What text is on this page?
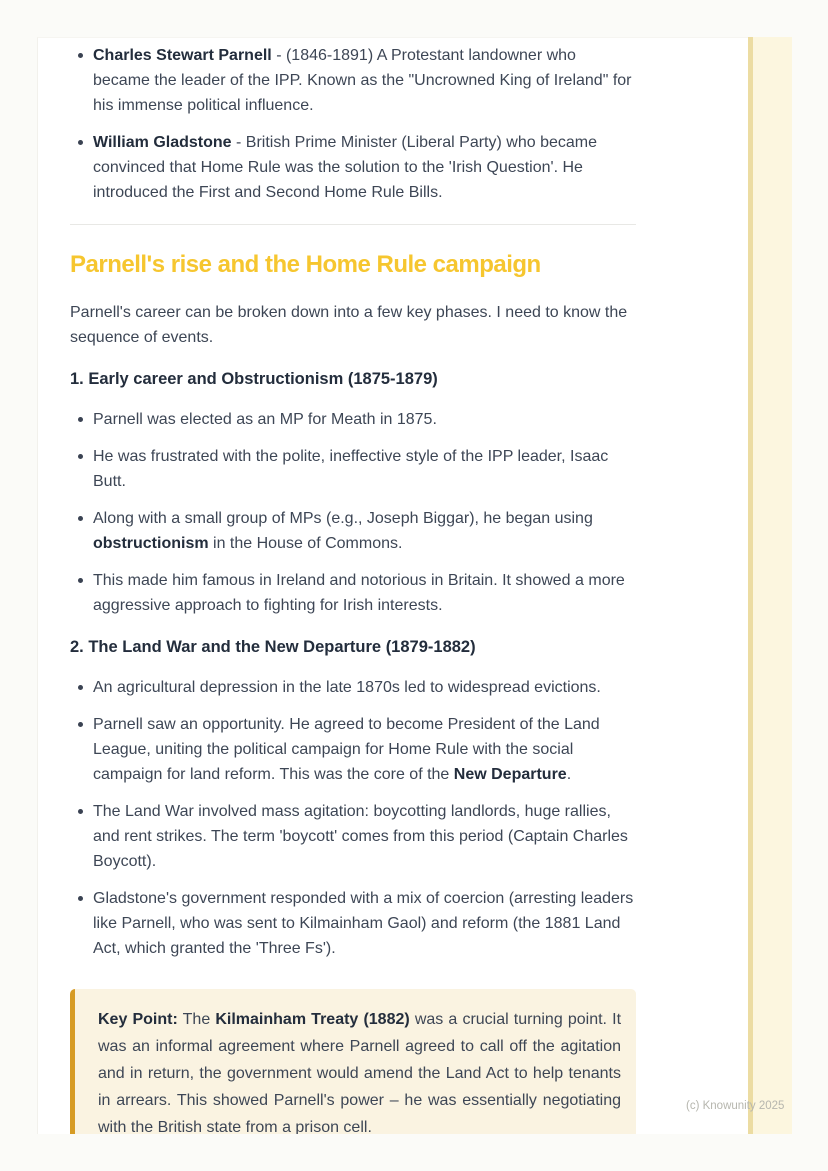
Charles Stewart Parnell - (1846-1891) A Protestant landowner who became the leader of the IPP. Known as the "Uncrowned King of Ireland" for his immense political influence.
William Gladstone - British Prime Minister (Liberal Party) who became convinced that Home Rule was the solution to the 'Irish Question'. He introduced the First and Second Home Rule Bills.
Parnell's rise and the Home Rule campaign

Parnell's career can be broken down into a few key phases. I need to know the sequence of events.

1. Early career and Obstructionism (1875-1879)
Parnell was elected as an MP for Meath in 1875.
He was frustrated with the polite, ineffective style of the IPP leader, Isaac Butt.
Along with a small group of MPs (e.g., Joseph Biggar), he began using obstructionism in the House of Commons.
This made him famous in Ireland and notorious in Britain. It showed a more aggressive approach to fighting for Irish interests.
2. The Land War and the New Departure (1879-1882)
An agricultural depression in the late 1870s led to widespread evictions.
Parnell saw an opportunity. He agreed to become President of the Land League, uniting the political campaign for Home Rule with the social campaign for land reform. This was the core of the New Departure.
The Land War involved mass agitation: boycotting landlords, huge rallies, and rent strikes. The term 'boycott' comes from this period (Captain Charles Boycott).
Gladstone's government responded with a mix of coercion (arresting leaders like Parnell, who was sent to Kilmainham Gaol) and reform (the 1881 Land Act, which granted the 'Three Fs').

Key Point: The Kilmainham Treaty (1882) was a crucial turning point. It was an informal agreement where Parnell agreed to call off the agitation and in return, the government would amend the Land Act to help tenants in arrears. This showed Parnell's power – he was essentially negotiating with the British state from a prison cell.

(c) Knowunity 2025
